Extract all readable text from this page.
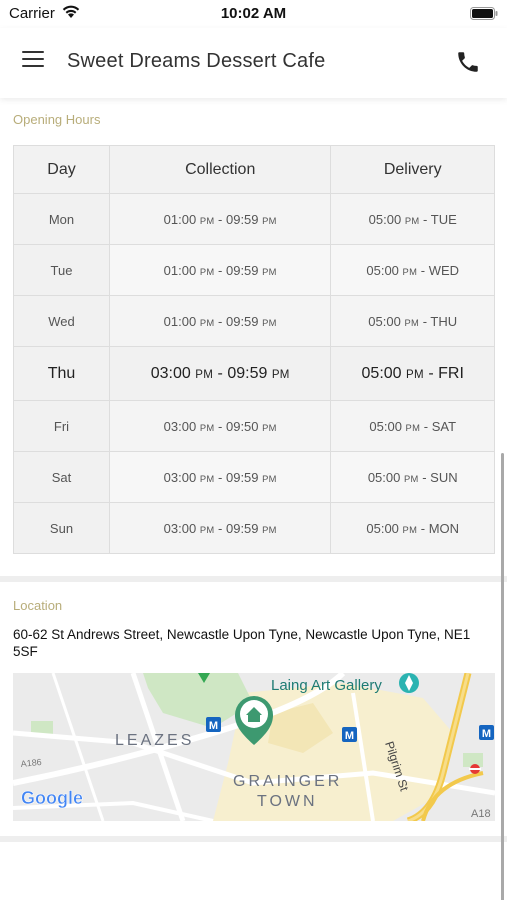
Carrier	10:02 AM
Sweet Dreams Dessert Cafe
Opening Hours
Day	Collection	Delivery
Mon	01:00 PM - 09:59 PM	05:00 PM - TUE
Tue	01:00 PM - 09:59 PM	05:00 PM - WED
Wed	01:00 PM - 09:59 PM	05:00 PM - THU
Thu	03:00 PM - 09:59 PM	05:00 PM - FRI
Fri	03:00 PM - 09:50 PM	05:00 PM - SAT
Sat	03:00 PM - 09:59 PM	05:00 PM - SUN
Sun	03:00 PM - 09:59 PM	05:00 PM - MON
Location
60-62 St Andrews Street, Newcastle Upon Tyne, Newcastle Upon Tyne, NE1 5SF
M
M	M
Laing Art Gallery
LEAZES
GRAINGER
TOWN
Pilgrim St
A186
A18
Google
